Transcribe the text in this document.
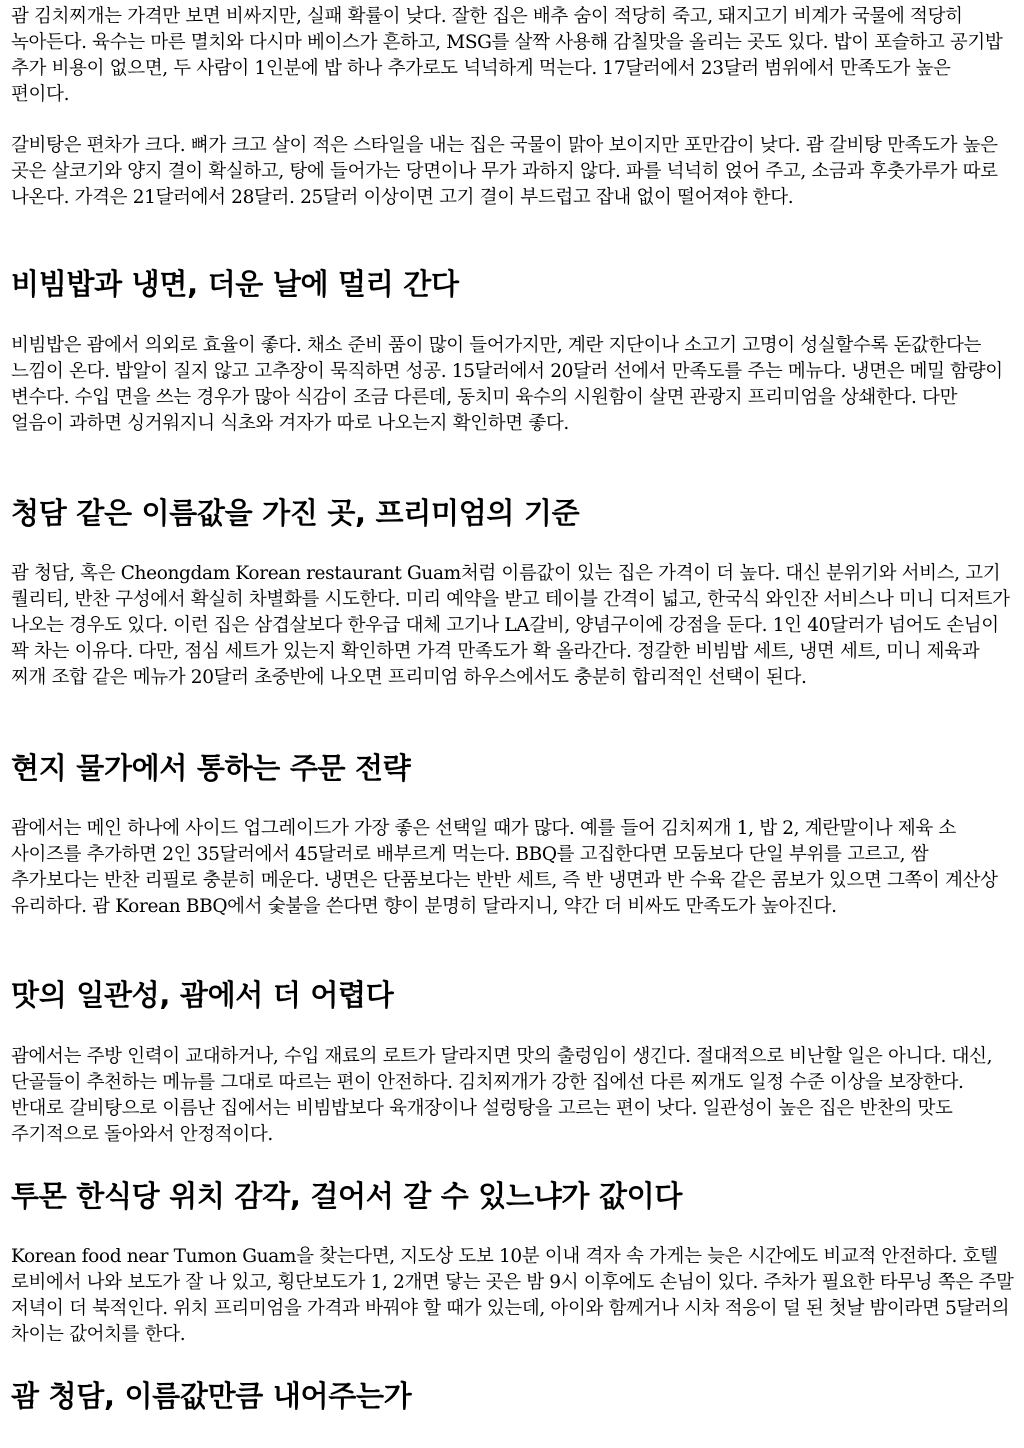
괌 김치찌개는 가격만 보면 비싸지만, 실패 확률이 낮다. 잘한 집은 배추 숨이 적당히 죽고, 돼지고기 비계가 국물에 적당히 녹아든다. 육수는 마른 멸치와 다시마 베이스가 흔하고, MSG를 살짝 사용해 감칠맛을 올리는 곳도 있다. 밥이 포슬하고 공기밥 추가 비용이 없으면, 두 사람이 1인분에 밥 하나 추가로도 넉넉하게 먹는다. 17달러에서 23달러 범위에서 만족도가 높은 편이다.

갈비탕은 편차가 크다. 뼈가 크고 살이 적은 스타일을 내는 집은 국물이 맑아 보이지만 포만감이 낮다. 괌 갈비탕 만족도가 높은 곳은 살코기와 양지 결이 확실하고, 탕에 들어가는 당면이나 무가 과하지 않다. 파를 넉넉히 얹어 주고, 소금과 후춧가루가 따로 나온다. 가격은 21달러에서 28달러. 25달러 이상이면 고기 결이 부드럽고 잡내 없이 떨어져야 한다.

비빔밥과 냉면, 더운 날에 멀리 간다

비빔밥은 괌에서 의외로 효율이 좋다. 채소 준비 품이 많이 들어가지만, 계란 지단이나 소고기 고명이 성실할수록 돈값한다는 느낌이 온다. 밥알이 질지 않고 고추장이 묵직하면 성공. 15달러에서 20달러 선에서 만족도를 주는 메뉴다. 냉면은 메밀 함량이 변수다. 수입 면을 쓰는 경우가 많아 식감이 조금 다른데, 동치미 육수의 시원함이 살면 관광지 프리미엄을 상쇄한다. 다만 얼음이 과하면 싱거워지니 식초와 겨자가 따로 나오는지 확인하면 좋다.

청담 같은 이름값을 가진 곳, 프리미엄의 기준

괌 청담, 혹은 Cheongdam Korean restaurant Guam처럼 이름값이 있는 집은 가격이 더 높다. 대신 분위기와 서비스, 고기 퀄리티, 반찬 구성에서 확실히 차별화를 시도한다. 미리 예약을 받고 테이블 간격이 넓고, 한국식 와인잔 서비스나 미니 디저트가 나오는 경우도 있다. 이런 집은 삼겹살보다 한우급 대체 고기나 LA갈비, 양념구이에 강점을 둔다. 1인 40달러가 넘어도 손님이 꽉 차는 이유다. 다만, 점심 세트가 있는지 확인하면 가격 만족도가 확 올라간다. 정갈한 비빔밥 세트, 냉면 세트, 미니 제육과 찌개 조합 같은 메뉴가 20달러 초중반에 나오면 프리미엄 하우스에서도 충분히 합리적인 선택이 된다.

현지 물가에서 통하는 주문 전략

괌에서는 메인 하나에 사이드 업그레이드가 가장 좋은 선택일 때가 많다. 예를 들어 김치찌개 1, 밥 2, 계란말이나 제육 소 사이즈를 추가하면 2인 35달러에서 45달러로 배부르게 먹는다. BBQ를 고집한다면 모둠보다 단일 부위를 고르고, 쌈 추가보다는 반찬 리필로 충분히 메운다. 냉면은 단품보다는 반반 세트, 즉 반 냉면과 반 수육 같은 콤보가 있으면 그쪽이 계산상 유리하다. 괌 Korean BBQ에서 숯불을 쓴다면 향이 분명히 달라지니, 약간 더 비싸도 만족도가 높아진다.

맛의 일관성, 괌에서 더 어렵다

괌에서는 주방 인력이 교대하거나, 수입 재료의 로트가 달라지면 맛의 출렁임이 생긴다. 절대적으로 비난할 일은 아니다. 대신, 단골들이 추천하는 메뉴를 그대로 따르는 편이 안전하다. 김치찌개가 강한 집에선 다른 찌개도 일정 수준 이상을 보장한다. 반대로 갈비탕으로 이름난 집에서는 비빔밥보다 육개장이나 설렁탕을 고르는 편이 낫다. 일관성이 높은 집은 반찬의 맛도 주기적으로 돌아와서 안정적이다.

투몬 한식당 위치 감각, 걸어서 갈 수 있느냐가 값이다

Korean food near Tumon Guam을 찾는다면, 지도상 도보 10분 이내 격자 속 가게는 늦은 시간에도 비교적 안전하다. 호텔 로비에서 나와 보도가 잘 나 있고, 횡단보도가 1, 2개면 닿는 곳은 밤 9시 이후에도 손님이 있다. 주차가 필요한 타무닝 쪽은 주말 저녁이 더 북적인다. 위치 프리미엄을 가격과 바꿔야 할 때가 있는데, 아이와 함께거나 시차 적응이 덜 된 첫날 밤이라면 5달러의 차이는 값어치를 한다.

괌 청담, 이름값만큼 내어주는가
